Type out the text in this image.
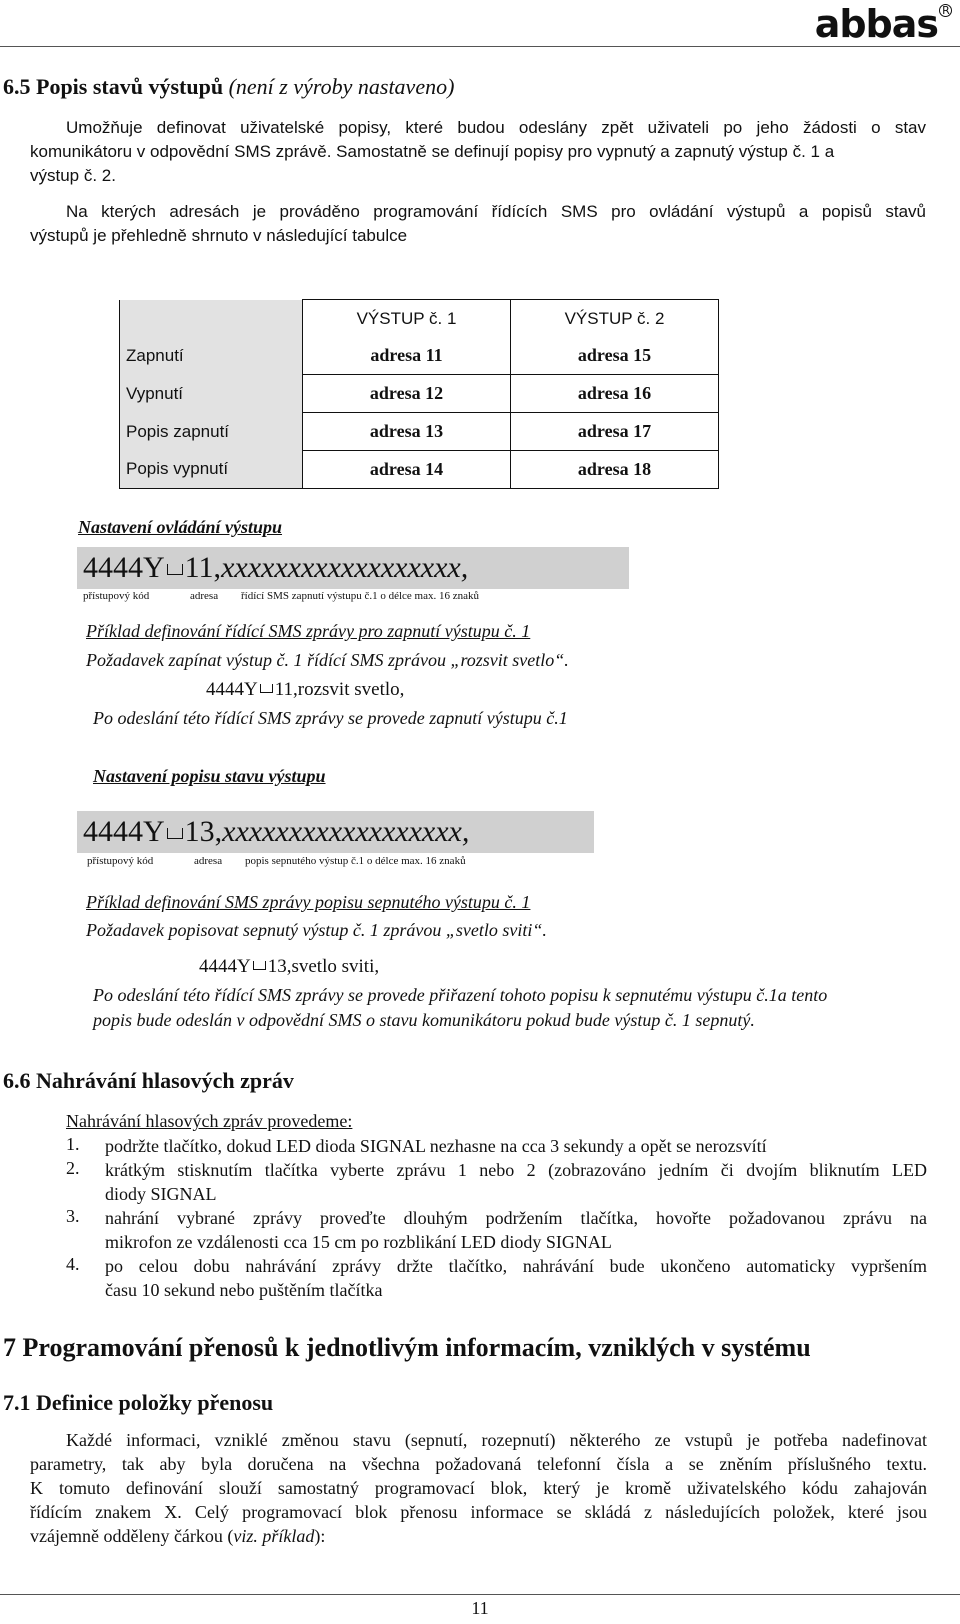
abbas R
6.5 Popis stavů výstupů (není z výroby nastaveno)
Umožňuje definovat uživatelské popisy, které budou odeslány zpět uživateli po jeho žádosti o stav
komunikátoru v odpovědní SMS zprávě. Samostatně se definují popisy pro vypnutý a zapnutý výstup č. 1 a
výstup č. 2.
Na kterých adresách je prováděno programování řídících SMS pro ovládání výstupů a popisů stavů
výstupů je přehledně shrnuto v následující tabulce
	VÝSTUP č. 1	VÝSTUP č. 2
Zapnutí	adresa 11	adresa 15
Vypnutí	adresa 12	adresa 16
Popis zapnutí	adresa 13	adresa 17
Popis vypnutí	adresa 14	adresa 18
Nastavení ovládání výstupu
4444Y 11,xxxxxxxxxxxxxxxxxx,
přístupový kód	adresa řídící SMS zapnutí výstupu č.1 o délce max. 16 znaků
Příklad definování řídící SMS zprávy pro zapnutí výstupu č. 1
Požadavek zapínat výstup č. 1 řídící SMS zprávou „rozsvit svetlo“.
4444Y 11,rozsvit svetlo,
Po odeslání této řídící SMS zprávy se provede zapnutí výstupu č.1
Nastavení popisu stavu výstupu
4444Y 13,xxxxxxxxxxxxxxxxxx,
přístupový kód	adresa popis sepnutého výstup č.1 o délce max. 16 znaků
Příklad definování SMS zprávy popisu sepnutého výstupu č. 1
Požadavek popisovat sepnutý výstup č. 1 zprávou „svetlo sviti“.
4444Y 13,svetlo sviti,
Po odeslání této řídící SMS zprávy se provede přiřazení tohoto popisu k sepnutému výstupu č.1a tento
popis bude odeslán v odpovědní SMS o stavu komunikátoru pokud bude výstup č. 1 sepnutý.
6.6 Nahrávání hlasových zpráv
Nahrávání hlasových zpráv provedeme:
1. podržte tlačítko, dokud LED dioda SIGNAL nezhasne na cca 3 sekundy a opět se nerozsvítí
2. krátkým stisknutím tlačítka vyberte zprávu 1 nebo 2 (zobrazováno jedním či dvojím bliknutím LED
diody SIGNAL
3. nahrání vybrané zprávy proveďte dlouhým podržením tlačítka, hovořte požadovanou zprávu na
mikrofon ze vzdálenosti cca 15 cm po rozblikání LED diody SIGNAL
4. po celou dobu nahrávání zprávy držte tlačítko, nahrávání bude ukončeno automaticky vypršením
času 10 sekund nebo puštěním tlačítka
7 Programování přenosů k jednotlivým informacím, vzniklých v systému
7.1 Definice položky přenosu
Každé informaci, vzniklé změnou stavu (sepnutí, rozepnutí) některého ze vstupů je potřeba nadefinovat
parametry, tak aby byla doručena na všechna požadovaná telefonní čísla a se zněním příslušného textu.
K tomuto definování slouží samostatný programovací blok, který je kromě uživatelského kódu zahajován
řídícím znakem X. Celý programovací blok přenosu informace se skládá z následujících položek, které jsou
vzájemně odděleny čárkou (viz. příklad):
11
